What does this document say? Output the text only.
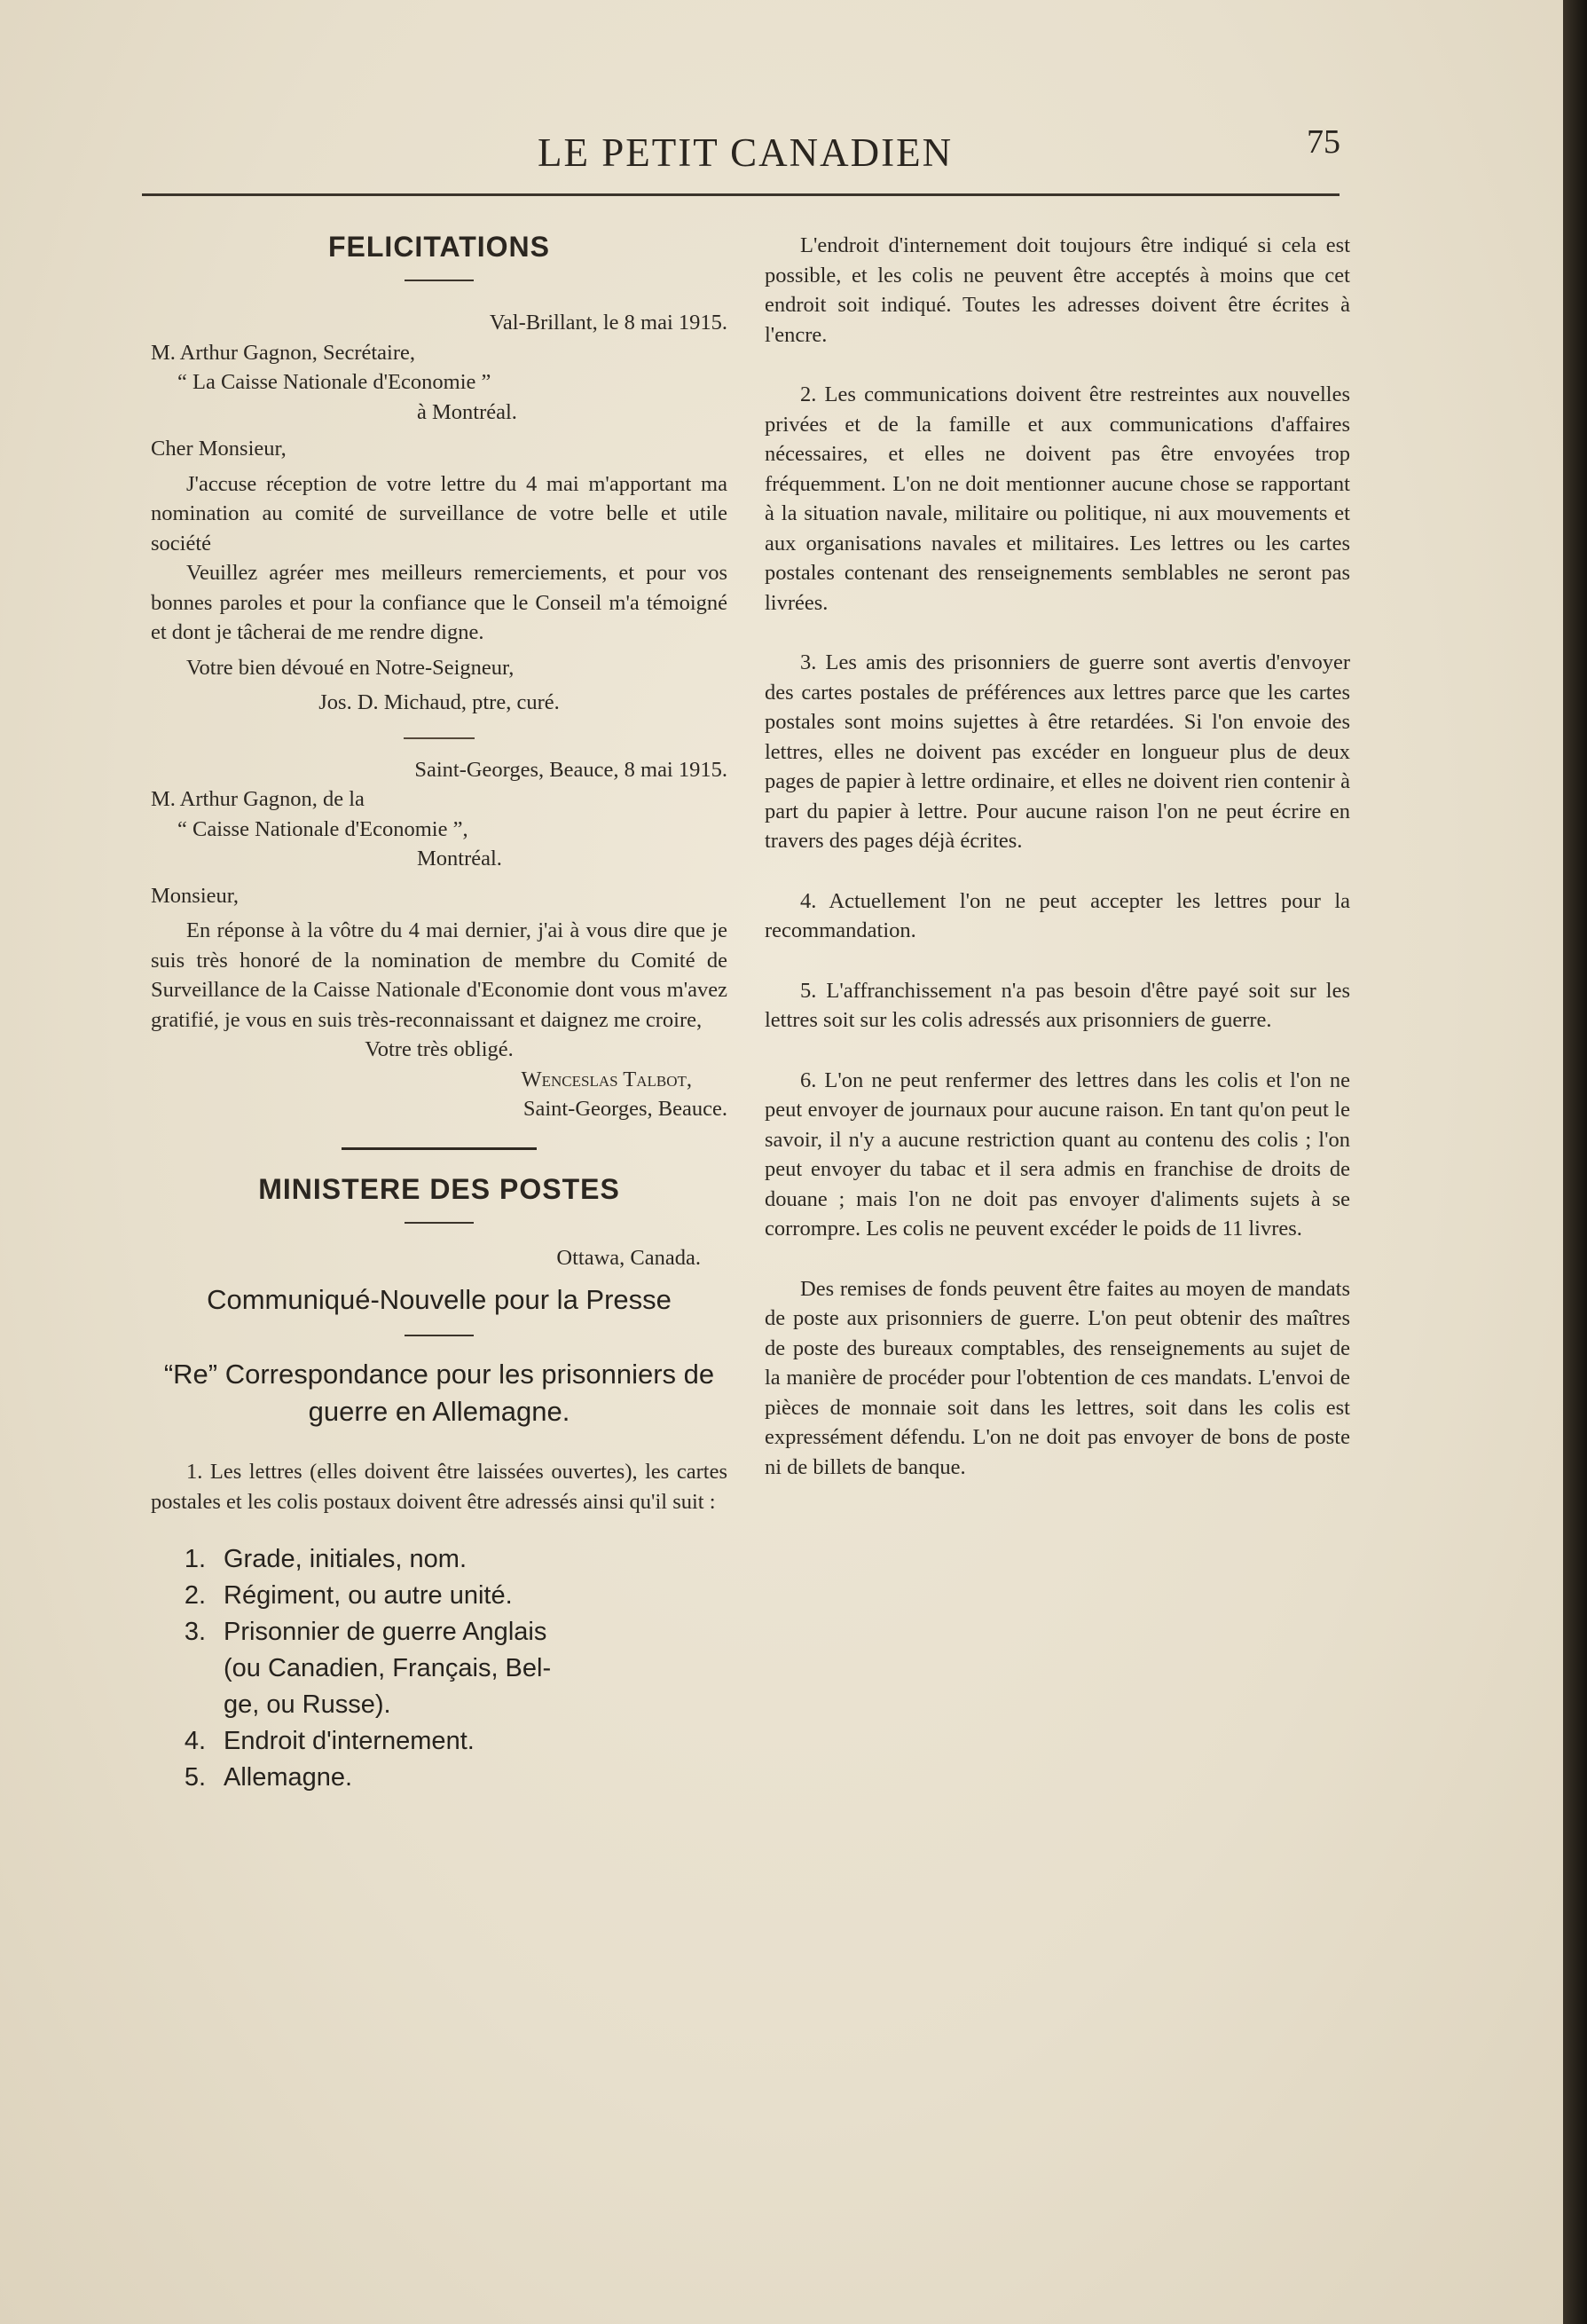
LE PETIT CANADIEN	75
FELICITATIONS

Val-Brillant, le 8 mai 1915.

M. Arthur Gagnon, Secrétaire,

“ La Caisse Nationale d'Economie ”

à Montréal.

Cher Monsieur,

J'accuse réception de votre lettre du 4 mai m'apportant ma nomination au comité de surveillance de votre belle et utile société

Veuillez agréer mes meilleurs remerciements, et pour vos bonnes paroles et pour la confiance que le Conseil m'a témoigné et dont je tâcherai de me rendre digne.

Votre bien dévoué en Notre-Seigneur,

Jos. D. Michaud, ptre, curé.

Saint-Georges, Beauce, 8 mai 1915.

M. Arthur Gagnon, de la

“ Caisse Nationale d'Economie ”,

Montréal.

Monsieur,

En réponse à la vôtre du 4 mai dernier, j'ai à vous dire que je suis très honoré de la nomination de membre du Comité de Surveillance de la Caisse Nationale d'Economie dont vous m'avez gratifié, je vous en suis très-reconnaissant et daignez me croire,

Votre très obligé.

Wenceslas Talbot,

Saint-Georges, Beauce.

MINISTERE DES POSTES

Ottawa, Canada.

Communiqué-Nouvelle pour la Presse

“Re” Correspondance pour les prisonniers de guerre en Allemagne.

1. Les lettres (elles doivent être laissées ouvertes), les cartes postales et les colis postaux doivent être adressés ainsi qu'il suit :

1. Grade, initiales, nom.
2. Régiment, ou autre unité.
3. Prisonnier de guerre Anglais
(ou Canadien, Français, Bel-
ge, ou Russe).
4. Endroit d'internement.
5. Allemagne.

L'endroit d'internement doit toujours être indiqué si cela est possible, et les colis ne peuvent être acceptés à moins que cet endroit soit indiqué. Toutes les adresses doivent être écrites à l'encre.

2. Les communications doivent être restreintes aux nouvelles privées et de la famille et aux communications d'affaires nécessaires, et elles ne doivent pas être envoyées trop fréquemment. L'on ne doit mentionner aucune chose se rapportant à la situation navale, militaire ou politique, ni aux mouvements et aux organisations navales et militaires. Les lettres ou les cartes postales contenant des renseignements semblables ne seront pas livrées.

3. Les amis des prisonniers de guerre sont avertis d'envoyer des cartes postales de préférences aux lettres parce que les cartes postales sont moins sujettes à être retardées. Si l'on envoie des lettres, elles ne doivent pas excéder en longueur plus de deux pages de papier à lettre ordinaire, et elles ne doivent rien contenir à part du papier à lettre. Pour aucune raison l'on ne peut écrire en travers des pages déjà écrites.

4. Actuellement l'on ne peut accepter les lettres pour la recommandation.

5. L'affranchissement n'a pas besoin d'être payé soit sur les lettres soit sur les colis adressés aux prisonniers de guerre.

6. L'on ne peut renfermer des lettres dans les colis et l'on ne peut envoyer de journaux pour aucune raison. En tant qu'on peut le savoir, il n'y a aucune restriction quant au contenu des colis ; l'on peut envoyer du tabac et il sera admis en franchise de droits de douane ; mais l'on ne doit pas envoyer d'aliments sujets à se corrompre. Les colis ne peuvent excéder le poids de 11 livres.

Des remises de fonds peuvent être faites au moyen de mandats de poste aux prisonniers de guerre. L'on peut obtenir des maîtres de poste des bureaux comptables, des renseignements au sujet de la manière de procéder pour l'obtention de ces mandats. L'envoi de pièces de monnaie soit dans les lettres, soit dans les colis est expressément défendu. L'on ne doit pas envoyer de bons de poste ni de billets de banque.
